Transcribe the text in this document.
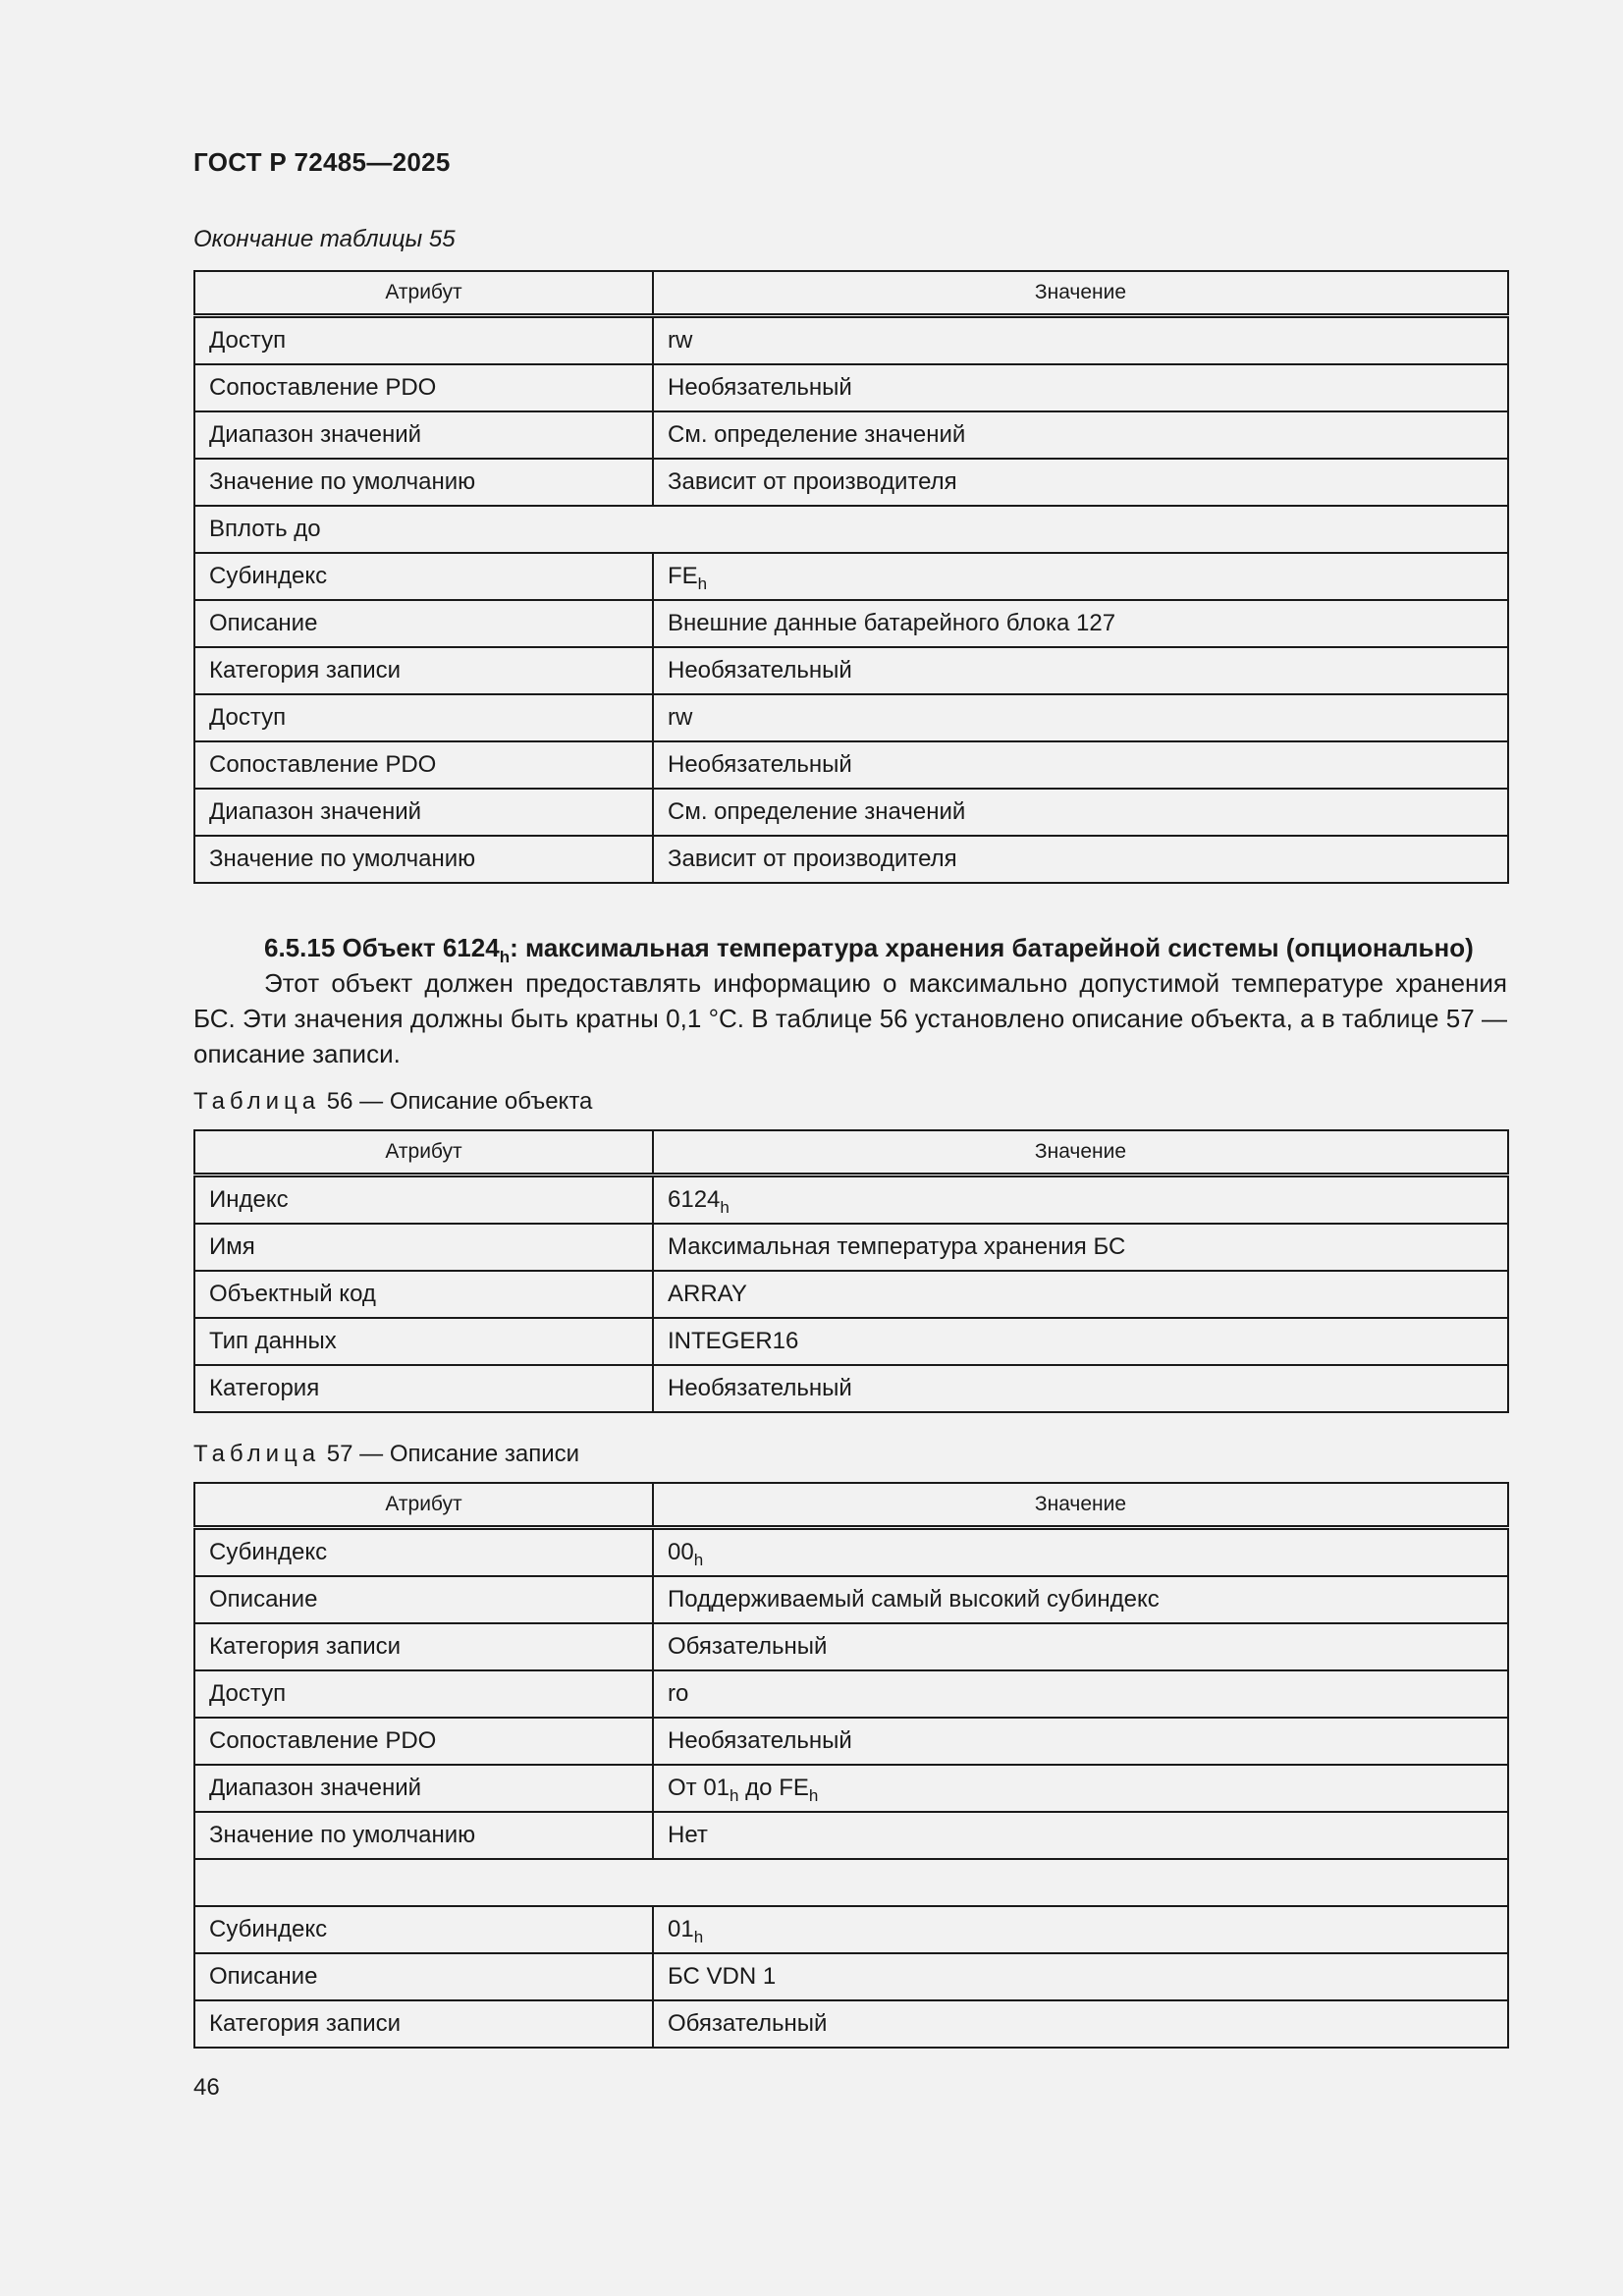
ГОСТ Р 72485—2025
Окончание таблицы 55
Атрибут	Значение
Доступ	rw
Сопоставление PDO	Необязательный
Диапазон значений	См. определение значений
Значение по умолчанию	Зависит от производителя
Вплоть до	
Субиндекс	$FE_h$
Описание	Внешние данные батарейного блока 127
Категория записи	Необязательный
Доступ	rw
Сопоставление PDO	Необязательный
Диапазон значений	См. определение значений
Значение по умолчанию	Зависит от производителя

6.5.15 Объект $6124_h$: максимальная температура хранения батарейной системы (опционально)

Этот объект должен предоставлять информацию о максимально допустимой температуре хранения БС. Эти значения должны быть кратны 0,1 °С. В таблице 56 установлено описание объекта, а в таблице 57 — описание записи.

Таблица 56 — Описание объекта
Атрибут	Значение
Индекс	$6124_h$
Имя	Максимальная температура хранения БС
Объектный код	ARRAY
Тип данных	INTEGER16
Категория	Необязательный
Таблица 57 — Описание записи
Атрибут	Значение
Субиндекс	$00_h$
Описание	Поддерживаемый самый высокий субиндекс
Категория записи	Обязательный
Доступ	ro
Сопоставление PDO	Необязательный
Диапазон значений	От $01_h$ до $FE_h$
Значение по умолчанию	Нет

Субиндекс	$01_h$
Описание	БС VDN 1
Категория записи	Обязательный
46
